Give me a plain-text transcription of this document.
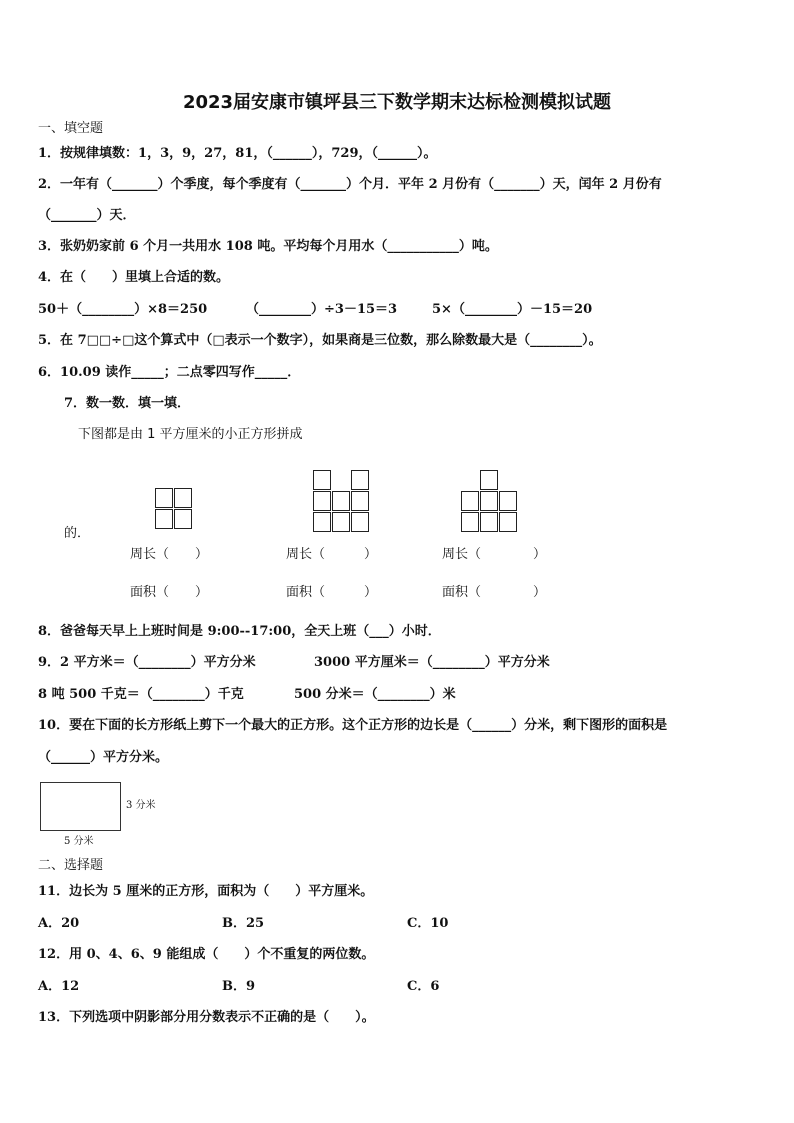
2023届安康市镇坪县三下数学期末达标检测模拟试题
一、填空题
1．按规律填数：1，3，9，27，81，（______），729，（______）。
2．一年有（_______）个季度，每个季度有（_______）个月．平年 2 月份有（_______）天，闰年 2 月份有
（_______）天．
3．张奶奶家前 6 个月一共用水 108 吨。平均每个月用水（___________）吨。
4．在（　　）里填上合适的数。
50＋（________）×8＝250	（________）÷3－15＝3	5×（________）－15＝20
5．在 7□□÷□这个算式中（□表示一个数字），如果商是三位数，那么除数最大是（________）。
6．10.09 读作_____；二点零四写作_____．
7．数一数．填一填．
下图都是由 1 平方厘米的小正方形拼成
的．
周长（　　）	周长（　　　）	周长（　　　　）
面积（　　）	面积（　　　）	面积（　　　　）
8．爸爸每天早上上班时间是 9:00--17:00，全天上班（___）小时．
9．2 平方米＝（________）平方分米	3000 平方厘米＝（________）平方分米
8 吨 500 千克＝（________）千克	500 分米＝（________）米
10．要在下面的长方形纸上剪下一个最大的正方形。这个正方形的边长是（______）分米，剩下图形的面积是
（______）平方分米。
3 分米
5 分米
二、选择题
11．边长为 5 厘米的正方形，面积为（　　）平方厘米。
A．20	B．25	C．10
12．用 0、4、6、9 能组成（　　）个不重复的两位数。
A．12	B．9	C．6
13．下列选项中阴影部分用分数表示不正确的是（　　）。
